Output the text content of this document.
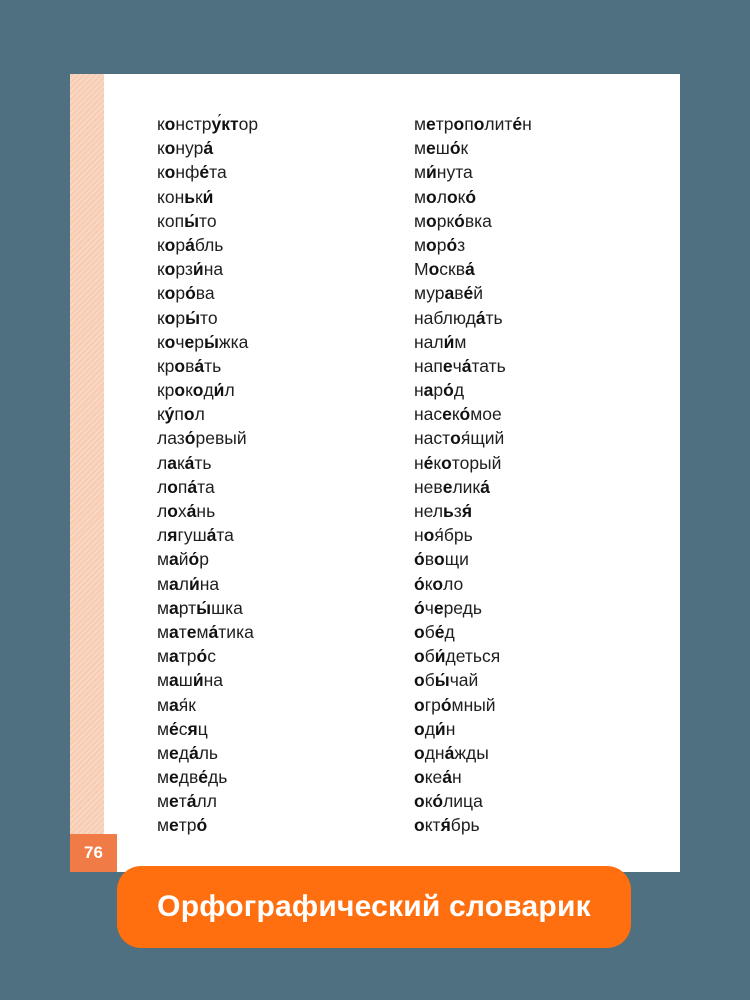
76
конструктор
конура́
конфе́та
коньки́
копы́то
кора́бль
корзи́на
коро́ва
коры́то
кочеры́жка
крова́ть
крокоди́л
ку́пол
лазо́ревый
лака́ть
лопа́та
лоха́нь
лягуша́та
майо́р
мали́на
марты́шка
матема́тика
матро́с
маши́на
мая́к
ме́сяц
меда́ль
медве́дь
мета́лл
метро́
метрополите́н
мешо́к
ми́нута
молоко́
морко́вка
моро́з
Москва́
мураве́й
наблюда́ть
нали́м
напеча́тать
наро́д
насеко́мое
настоя́щий
не́который
невелика́
нельзя́
ноя́брь
о́вощи
о́коло
о́чередь
обе́д
оби́деться
обы́чай
огро́мный
оди́н
одна́жды
океа́н
око́лица
октя́брь
Орфографический словарик
